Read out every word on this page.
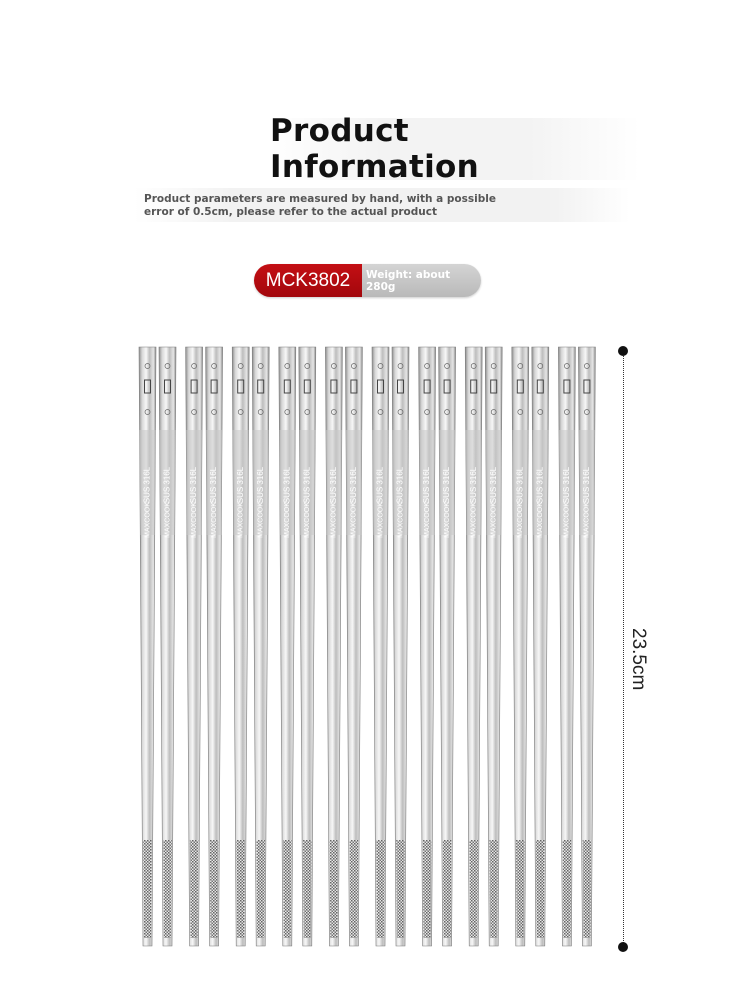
Product Information
Product parameters are measured by hand, with a possible
error of 0.5cm, please refer to the actual product
MCK3802	Weight: about 280g
SUS 316L
MAXCOOK
SUS 316L
MAXCOOK
SUS 316L
MAXCOOK
SUS 316L
MAXCOOK
SUS 316L
MAXCOOK
SUS 316L
MAXCOOK
SUS 316L
MAXCOOK
SUS 316L
MAXCOOK
SUS 316L
MAXCOOK
SUS 316L
MAXCOOK
SUS 316L
MAXCOOK
SUS 316L
MAXCOOK
SUS 316L
MAXCOOK
SUS 316L
MAXCOOK
SUS 316L
MAXCOOK
SUS 316L
MAXCOOK
SUS 316L
MAXCOOK
SUS 316L
MAXCOOK
SUS 316L
MAXCOOK
SUS 316L
MAXCOOK
23.5cm
